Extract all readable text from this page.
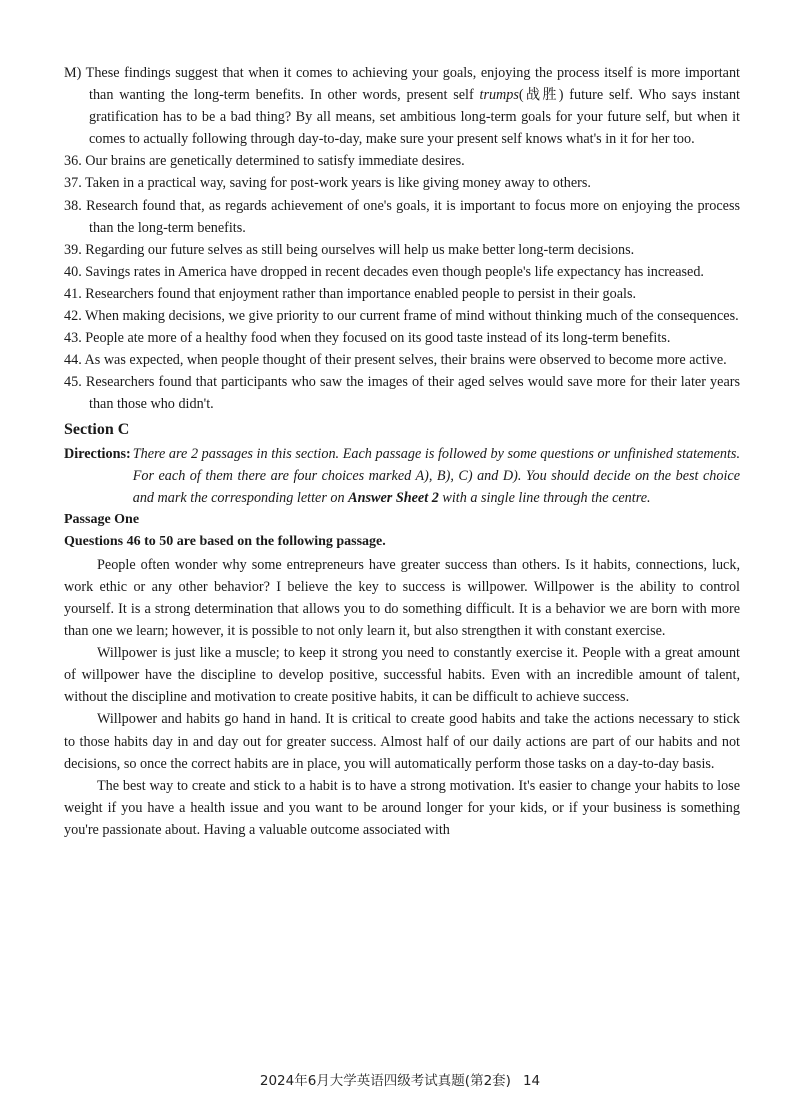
M) These findings suggest that when it comes to achieving your goals, enjoying the process itself is more important than wanting the long-term benefits. In other words, present self trumps(战胜) future self. Who says instant gratification has to be a bad thing? By all means, set ambitious long-term goals for your future self, but when it comes to actually following through day-to-day, make sure your present self knows what's in it for her too.

36. Our brains are genetically determined to satisfy immediate desires.

37. Taken in a practical way, saving for post-work years is like giving money away to others.

38. Research found that, as regards achievement of one's goals, it is important to focus more on enjoying the process than the long-term benefits.

39. Regarding our future selves as still being ourselves will help us make better long-term decisions.

40. Savings rates in America have dropped in recent decades even though people's life expectancy has increased.

41. Researchers found that enjoyment rather than importance enabled people to persist in their goals.

42. When making decisions, we give priority to our current frame of mind without thinking much of the consequences.

43. People ate more of a healthy food when they focused on its good taste instead of its long-term benefits.

44. As was expected, when people thought of their present selves, their brains were observed to become more active.

45. Researchers found that participants who saw the images of their aged selves would save more for their later years than those who didn't.

Section C
Directions: There are 2 passages in this section. Each passage is followed by some questions or unfinished statements. For each of them there are four choices marked A), B), C) and D). You should decide on the best choice and mark the corresponding letter on Answer Sheet 2 with a single line through the centre.

Passage One

Questions 46 to 50 are based on the following passage.

People often wonder why some entrepreneurs have greater success than others. Is it habits, connections, luck, work ethic or any other behavior? I believe the key to success is willpower. Willpower is the ability to control yourself. It is a strong determination that allows you to do something difficult. It is a behavior we are born with more than one we learn; however, it is possible to not only learn it, but also strengthen it with constant exercise.

Willpower is just like a muscle; to keep it strong you need to constantly exercise it. People with a great amount of willpower have the discipline to develop positive, successful habits. Even with an incredible amount of talent, without the discipline and motivation to create positive habits, it can be difficult to achieve success.

Willpower and habits go hand in hand. It is critical to create good habits and take the actions necessary to stick to those habits day in and day out for greater success. Almost half of our daily actions are part of our habits and not decisions, so once the correct habits are in place, you will automatically perform those tasks on a day-to-day basis.

The best way to create and stick to a habit is to have a strong motivation. It's easier to change your habits to lose weight if you have a health issue and you want to be around longer for your kids, or if your business is something you're passionate about. Having a valuable outcome associated with

2024年6月大学英语四级考试真题(第2套) 14
